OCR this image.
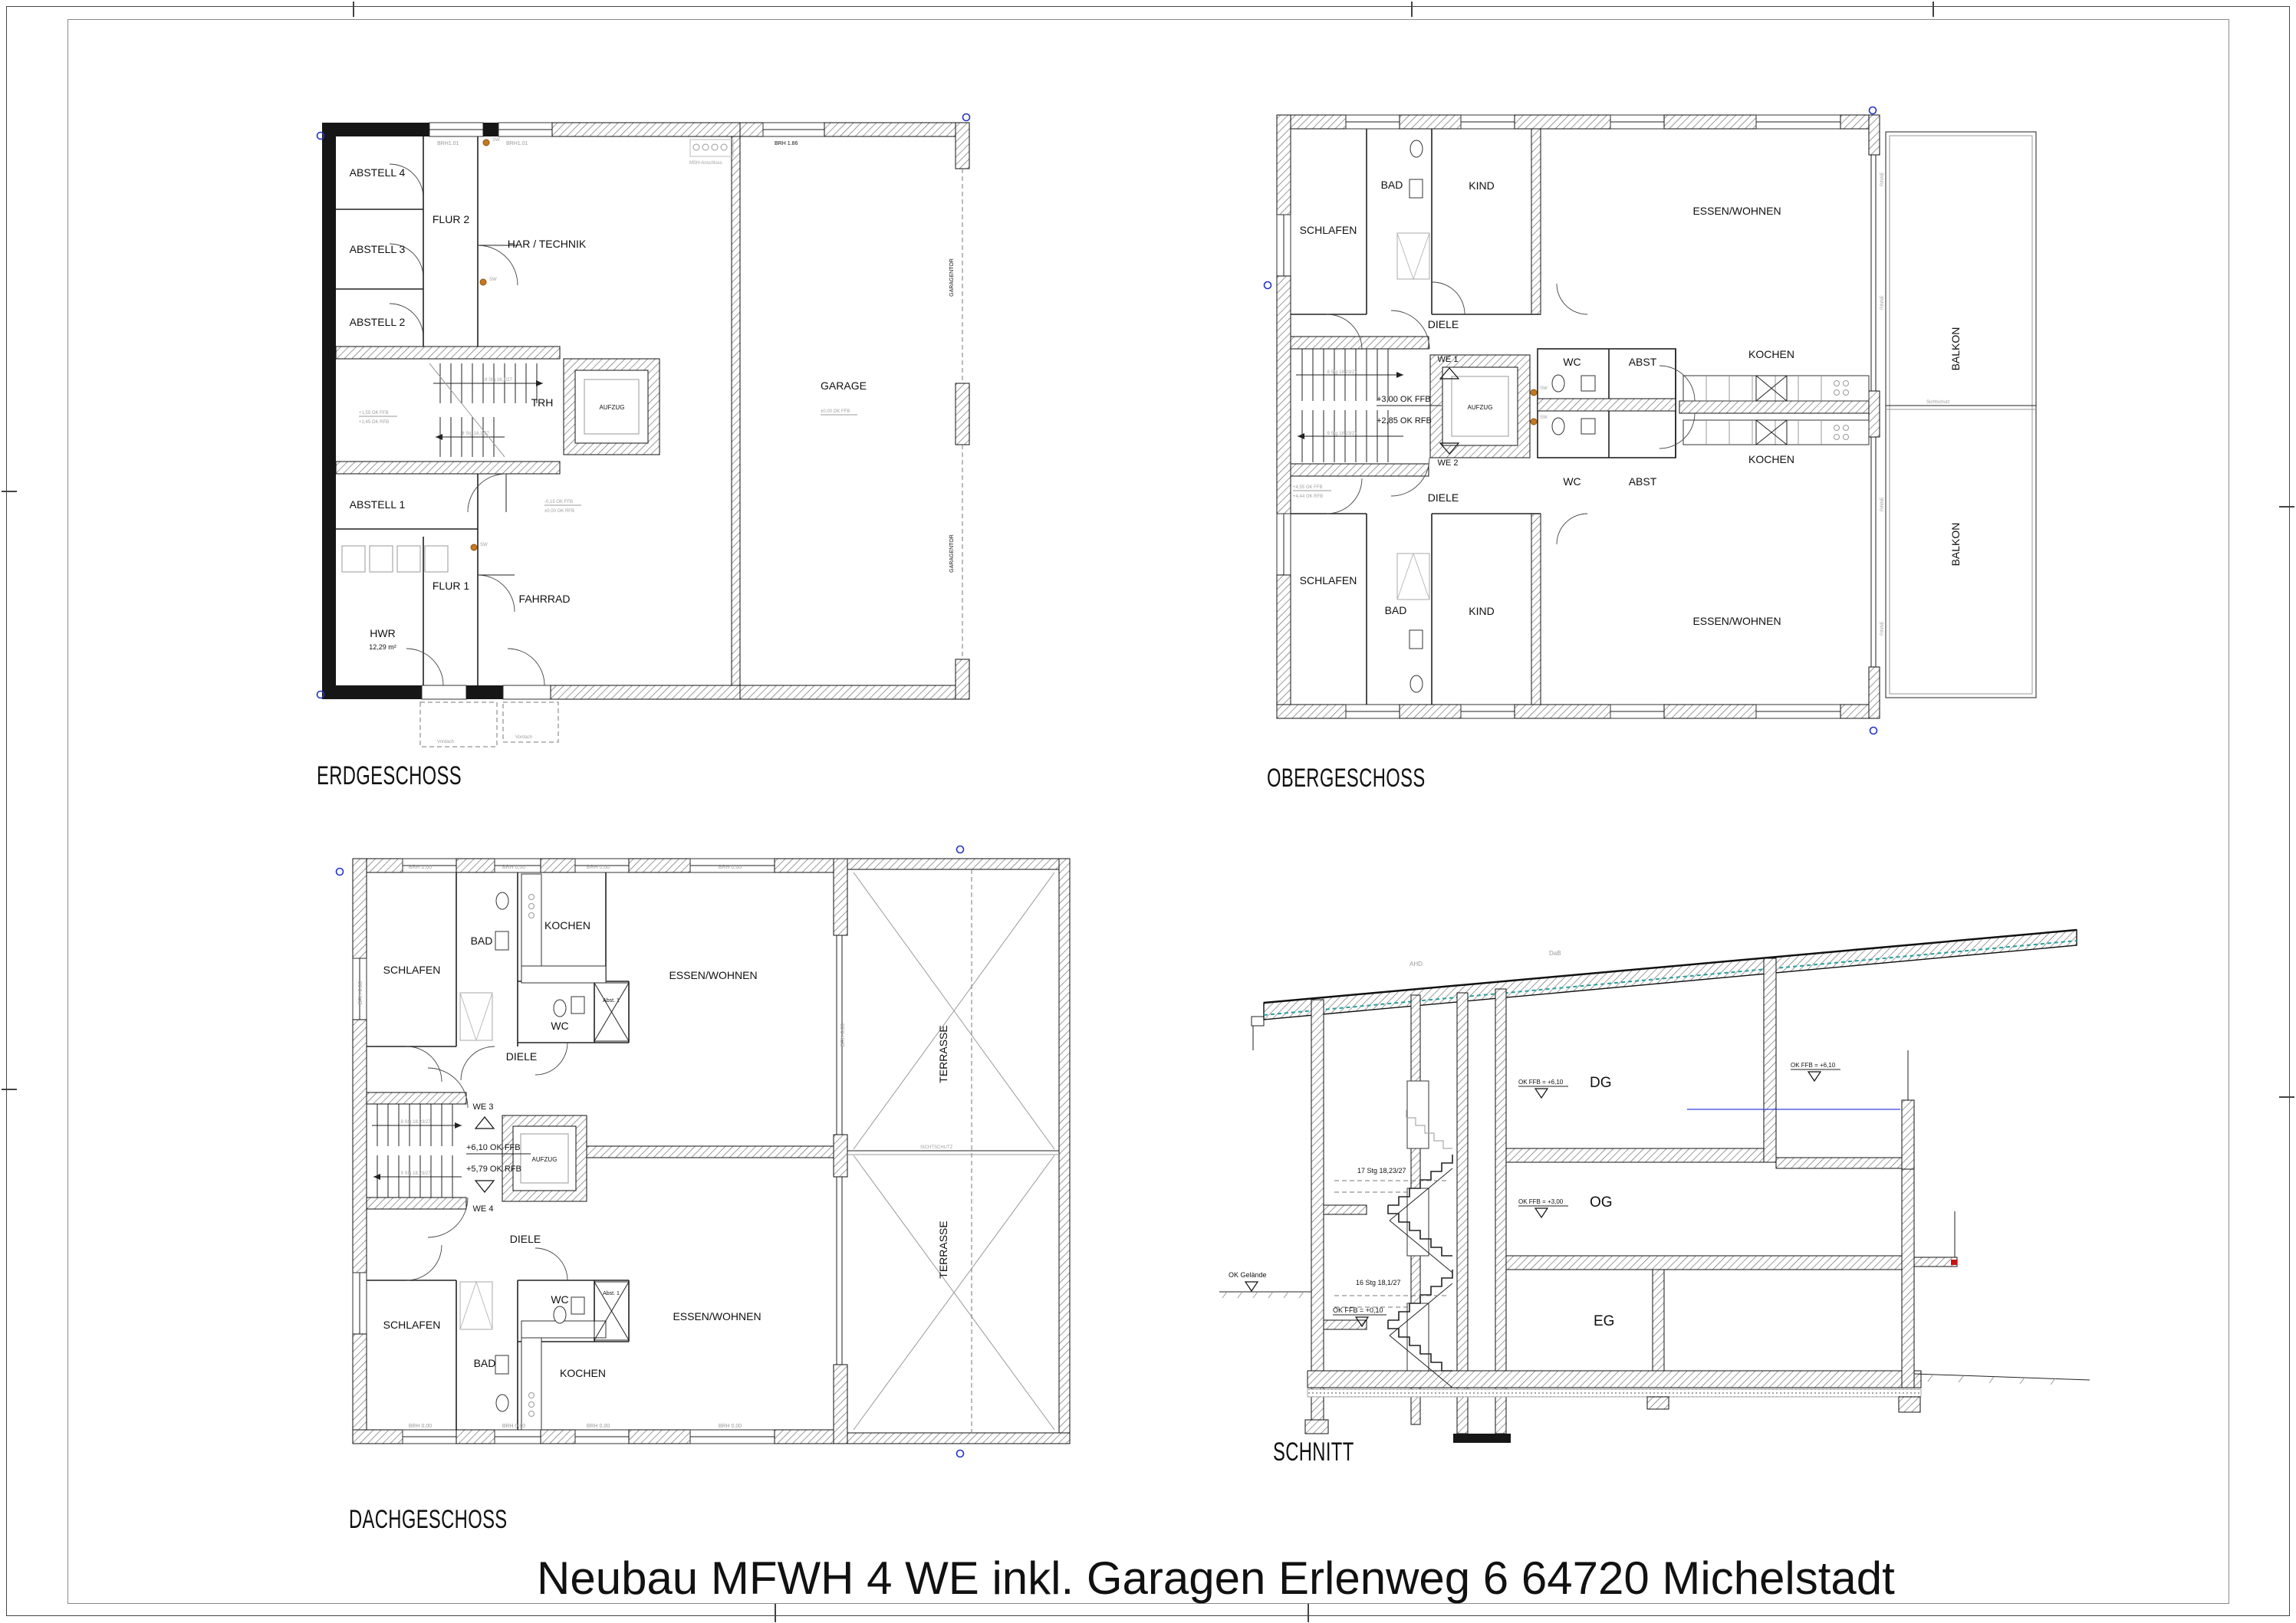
ABSTELL 4
ABSTELL 3
ABSTELL 2
ABSTELL 1
FLUR 2
HAR / TECHNIK
TRH	AUFZUG
HWR
12,29 m²
FLUR 1
FAHRRAD
GARAGE
BRH1.01	BRH1.01	BRH 1.86
MSH-Anschluss
GARAGENTOR
GARAGENTOR
Vordach
Vordach
8 Stg 18,1/27
8 Stg 18,1/27
+1,55 OK FFB
+1,45 OK RFB
-0,15 OK FFB
±0,00 OK RFB
±0,00 OK FFB
SW
SW
SW
ERDGESCHOSS
SCHLAFEN
BAD	KIND
ESSEN/WOHNEN
DIELE
WE 1	WC	ABST
KOCHEN
AUFZUG
WE 2
WC	ABST
KOCHEN
DIELE
SCHLAFEN
BAD	KIND
ESSEN/WOHNEN
BALKON
BALKON
+3,00 OK FFB
+2,85 OK RFB
8 Stg 18,23/27
9 Stg 18,23/27
+4,55 OK FFB
+4,44 OK RFB
Sichtschutz
RINNE
RINNE
RINNE
RINNE
SW
SW
OBERGESCHOSS
SCHLAFEN
BAD
KOCHEN
ESSEN/WOHNEN
WC
Abst. 1
DIELE
WE 3
AUFZUG
WE 4
DIELE
SCHLAFEN
BAD
WC	Abst. 1
KOCHEN
ESSEN/WOHNEN
TERRASSE
TERRASSE
+6,10 OK FFB
+5,79 OK RFB
8 Stg 18,23/27
9 Stg 18,23/27
BRH 0,00	BRH 0,00	BRH 0,00	BRH 0,00
BRH 0,00	BRH 0,00	BRH 0,00	BRH 0,00
BRH 0,00
BRH 0,00
SICHTSCHUTZ
DACHGESCHOSS
DG
OG
EG
OK FFB = +6,10
OK FFB = +3,00
OK FFB = +6,10
OK FFB = +0,10
OK Gelände
17 Stg 18,23/27
16 Stg 18,1/27
AHD
DaB
SCHNITT
Neubau MFWH 4 WE inkl. Garagen Erlenweg 6 64720 Michelstadt
